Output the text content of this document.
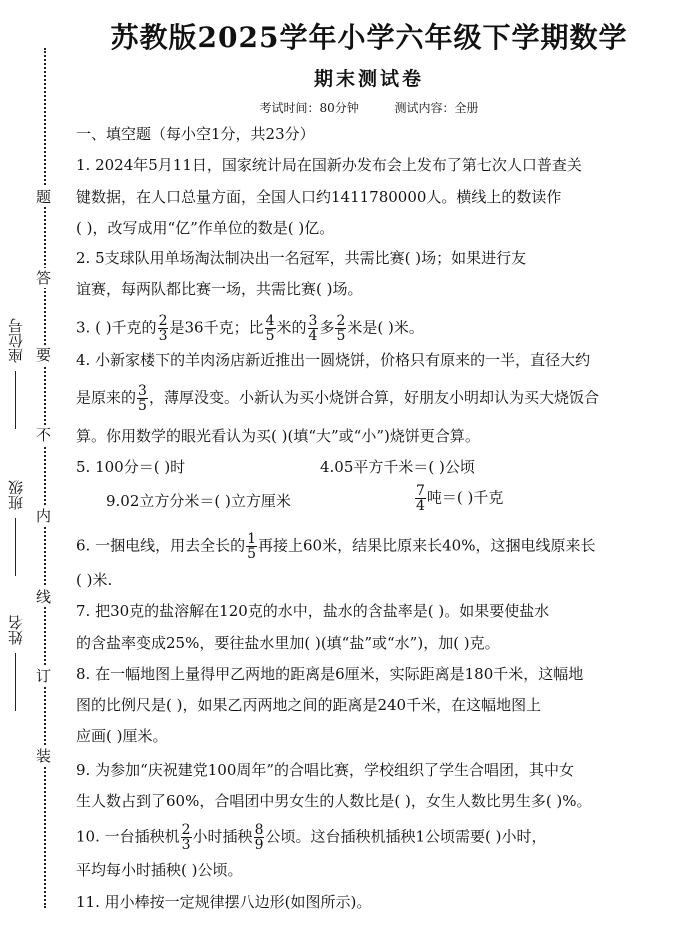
题
答
要
不
内
线
订
装
座位号
班级
姓名
苏教版2025学年小学六年级下学期数学
期末测试卷
考试时间：80分钟	测试内容：全册
一、填空题（每小空1分，共23分）
1. 2024年5月11日，国家统计局在国新办发布会上发布了第七次人口普查关
键数据，在人口总量方面，全国人口约1411780000人。横线上的数读作
( )，改写成用“亿”作单位的数是( )亿。
2. 5支球队用单场淘汰制决出一名冠军，共需比赛( )场；如果进行友
谊赛，每两队都比赛一场，共需比赛( )场。
3. ( )千克的 $\frac{2}{3}$ 是36千克；比 $\frac{4}{5}$ 米的 $\frac{3}{4}$ 多 $\frac{2}{5}$ 米是( )米。
4. 小新家楼下的羊肉汤店新近推出一圆烧饼，价格只有原来的一半，直径大约
是原来的 $\frac{3}{5}$ ，薄厚没变。小新认为买小烧饼合算，好朋友小明却认为买大烧饭合
算。你用数学的眼光看认为买( )(填“大”或“小”)烧饼更合算。
5. 100分＝( )时	4.05平方千米＝( )公顷
9.02立方分米＝( )立方厘米	$\frac{7}{4}$ 吨＝( )千克
6. 一捆电线，用去全长的 $\frac{1}{5}$ 再接上60米，结果比原来长40%，这捆电线原来长
( )米.
7. 把30克的盐溶解在120克的水中，盐水的含盐率是( )。如果要使盐水
的含盐率变成25%，要往盐水里加( )(填“盐”或“水”)，加( )克。
8. 在一幅地图上量得甲乙两地的距离是6厘米，实际距离是180千米，这幅地
图的比例尺是( )，如果乙丙两地之间的距离是240千米，在这幅地图上
应画( )厘米。
9. 为参加“庆祝建党100周年”的合唱比赛，学校组织了学生合唱团，其中女
生人数占到了60%，合唱团中男女生的人数比是( )，女生人数比男生多( )%。
10. 一台插秧机 $\frac{2}{3}$ 小时插秧 $\frac{8}{9}$ 公顷。这台插秧机插秧1公顷需要( )小时，
平均每小时插秧( )公顷。
11. 用小棒按一定规律摆八边形(如图所示)。
